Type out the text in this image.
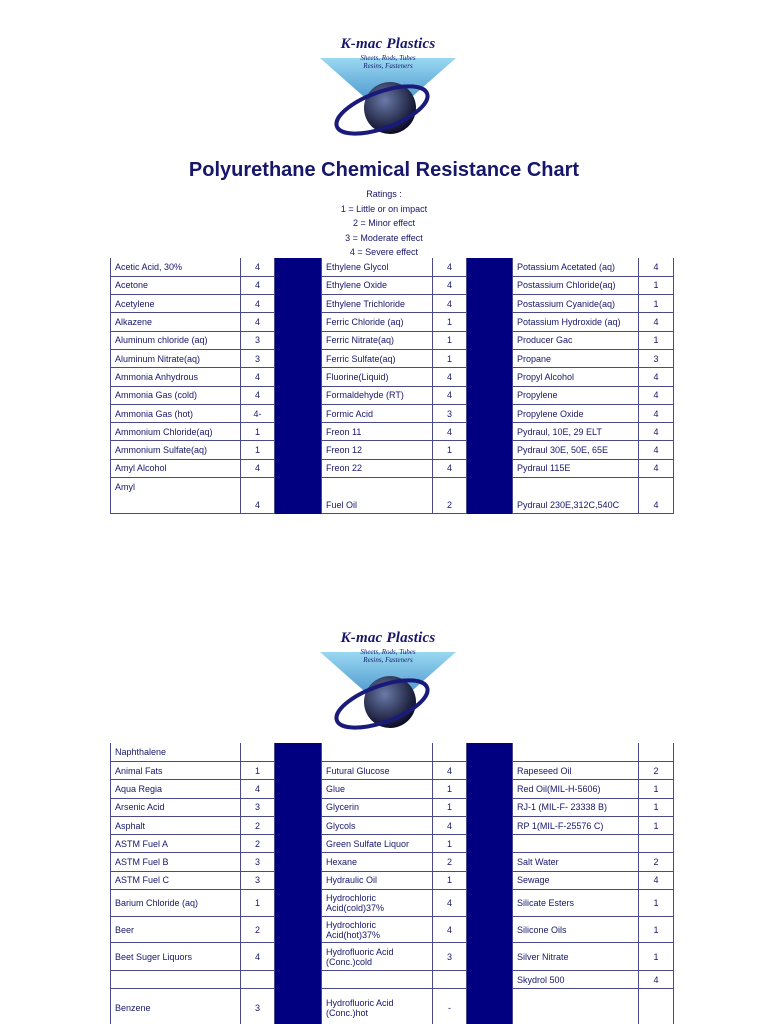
K-mac Plastics
Sheets, Rods, Tubes
Resins, Fasteners
Polyurethane Chemical Resistance Chart
Ratings :
1 = Little or on impact
2 = Minor effect
3 = Moderate effect
4 = Severe effect
Acetic Acid, 30%	4		Ethylene Glycol	4		Potassium Acetated (aq)	4
Acetone	4		Ethylene Oxide	4		Postassium Chloride(aq)	1
Acetylene	4		Ethylene Trichloride	4		Postassium Cyanide(aq)	1
Alkazene	4		Ferric Chloride (aq)	1		Potassium Hydroxide (aq)	4
Aluminum chloride (aq)	3		Ferric Nitrate(aq)	1		Producer Gac	1
Aluminum Nitrate(aq)	3		Ferric Sulfate(aq)	1		Propane	3
Ammonia Anhydrous	4		Fluorine(Liquid)	4		Propyl Alcohol	4
Ammonia Gas (cold)	4		Formaldehyde (RT)	4		Propylene	4
Ammonia Gas (hot)	4-		Formic Acid	3		Propylene Oxide	4
Ammonium Chloride(aq)	1		Freon 11	4		Pydraul, 10E, 29 ELT	4
Ammonium Sulfate(aq)	1		Freon 12	1		Pydraul 30E, 50E, 65E	4
Amyl Alcohol	4		Freon 22	4		Pydraul 115E	4
Amyl	4		Fuel Oil	2		Pydraul 230E,312C,540C	4

K-mac Plastics
Sheets, Rods, Tubes
Resins, Fasteners
Naphthalene							
Animal Fats	1		Futural Glucose	4		Rapeseed Oil	2
Aqua Regia	4		Glue	1		Red Oil(MIL-H-5606)	1
Arsenic Acid	3		Glycerin	1		RJ-1 (MIL-F- 23338 B)	1
Asphalt	2		Glycols	4		RP 1(MIL-F-25576 C)	1
ASTM Fuel A	2		Green Sulfate Liquor	1			
ASTM Fuel B	3		Hexane	2		Salt Water	2
ASTM Fuel C	3		Hydraulic Oil	1		Sewage	4
Barium Chloride (aq)	1		Hydrochloric Acid(cold)37%	4		Silicate Esters	1
Beer	2		Hydrochloric Acid(hot)37%	4		Silicone Oils	1
Beet Suger Liquors	4		Hydrofluoric Acid (Conc.)cold	3		Silver Nitrate	1
						Skydrol 500	4
Benzene	3		Hydrofluoric Acid (Conc.)hot	-			
